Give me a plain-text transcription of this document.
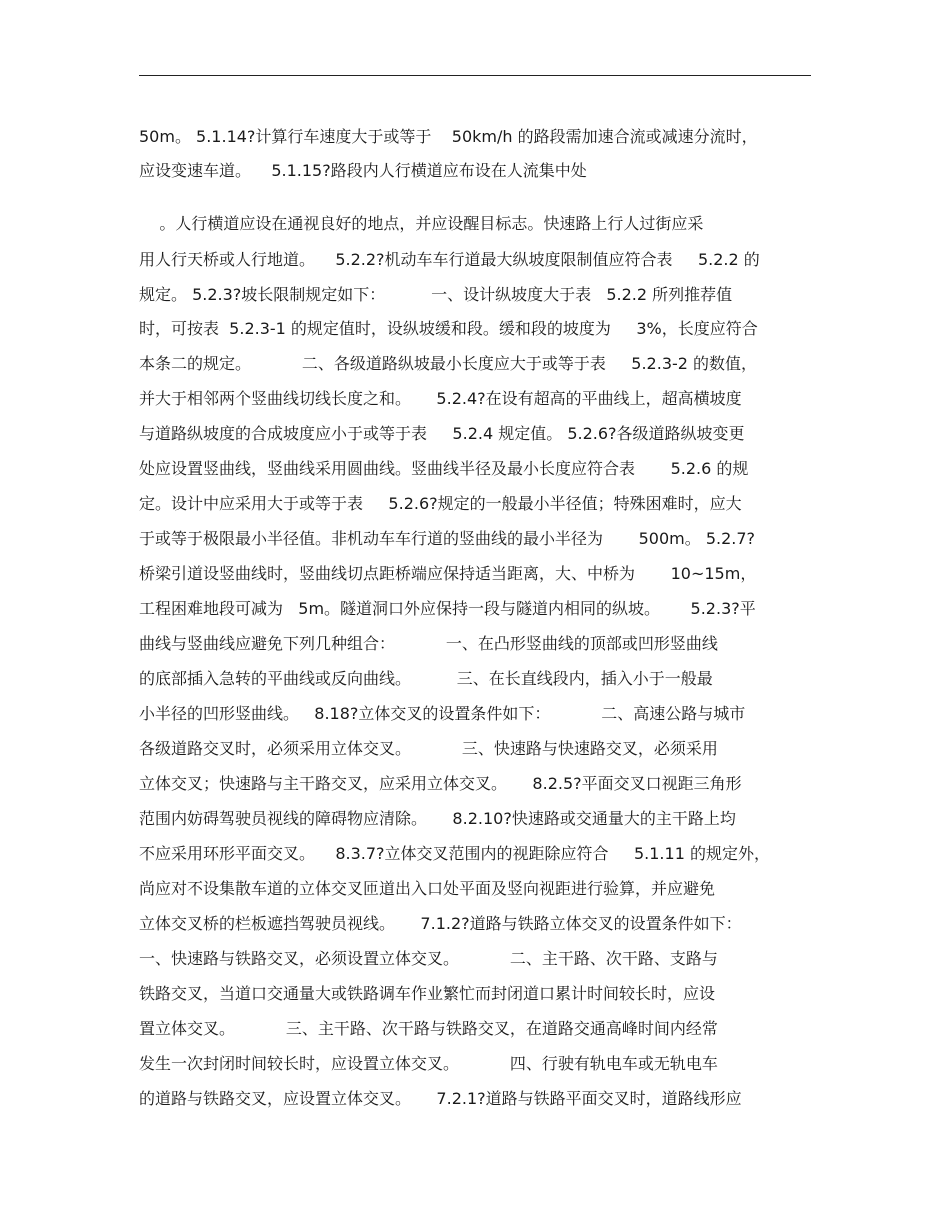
50m。 5.1.14?计算行车速度大于或等于    50km/h 的路段需加速合流或减速分流时，
应设变速车道。    5.1.15?路段内人行横道应布设在人流集中处
。人行横道应设在通视良好的地点，并应设醒目标志。快速路上行人过街应采
用人行天桥或人行地道。    5.2.2?机动车车行道最大纵坡度限制值应符合表     5.2.2 的
规定。 5.2.3?坡长限制规定如下：         一、设计纵坡度大于表   5.2.2 所列推荐值
时，可按表  5.2.3-1 的规定值时，设纵坡缓和段。缓和段的坡度为     3%，长度应符合
本条二的规定。          二、各级道路纵坡最小长度应大于或等于表     5.2.3-2 的数值，
并大于相邻两个竖曲线切线长度之和。     5.2.4?在设有超高的平曲线上，超高横坡度
与道路纵坡度的合成坡度应小于或等于表     5.2.4 规定值。 5.2.6?各级道路纵坡变更
处应设置竖曲线，竖曲线采用圆曲线。竖曲线半径及最小长度应符合表       5.2.6 的规
定。设计中应采用大于或等于表     5.2.6?规定的一般最小半径值；特殊困难时，应大
于或等于极限最小半径值。非机动车车行道的竖曲线的最小半径为       500m。 5.2.7?
桥梁引道设竖曲线时，竖曲线切点距桥端应保持适当距离，大、中桥为       10~15m，
工程困难地段可减为   5m。隧道洞口外应保持一段与隧道内相同的纵坡。      5.2.3?平
曲线与竖曲线应避免下列几种组合：          一、在凸形竖曲线的顶部或凹形竖曲线
的底部插入急转的平曲线或反向曲线。         三、在长直线段内，插入小于一般最
小半径的凹形竖曲线。   8.18?立体交叉的设置条件如下：          二、高速公路与城市
各级道路交叉时，必须采用立体交叉。          三、快速路与快速路交叉，必须采用
立体交叉；快速路与主干路交叉，应采用立体交叉。     8.2.5?平面交叉口视距三角形
范围内妨碍驾驶员视线的障碍物应清除。     8.2.10?快速路或交通量大的主干路上均
不应采用环形平面交叉。    8.3.7?立体交叉范围内的视距除应符合     5.1.11 的规定外，
尚应对不设集散车道的立体交叉匝道出入口处平面及竖向视距进行验算，并应避免
立体交叉桥的栏板遮挡驾驶员视线。     7.1.2?道路与铁路立体交叉的设置条件如下：
一、快速路与铁路交叉，必须设置立体交叉。          二、主干路、次干路、支路与
铁路交叉，当道口交通量大或铁路调车作业繁忙而封闭道口累计时间较长时，应设
置立体交叉。          三、主干路、次干路与铁路交叉，在道路交通高峰时间内经常
发生一次封闭时间较长时，应设置立体交叉。          四、行驶有轨电车或无轨电车
的道路与铁路交叉，应设置立体交叉。     7.2.1?道路与铁路平面交叉时，道路线形应
